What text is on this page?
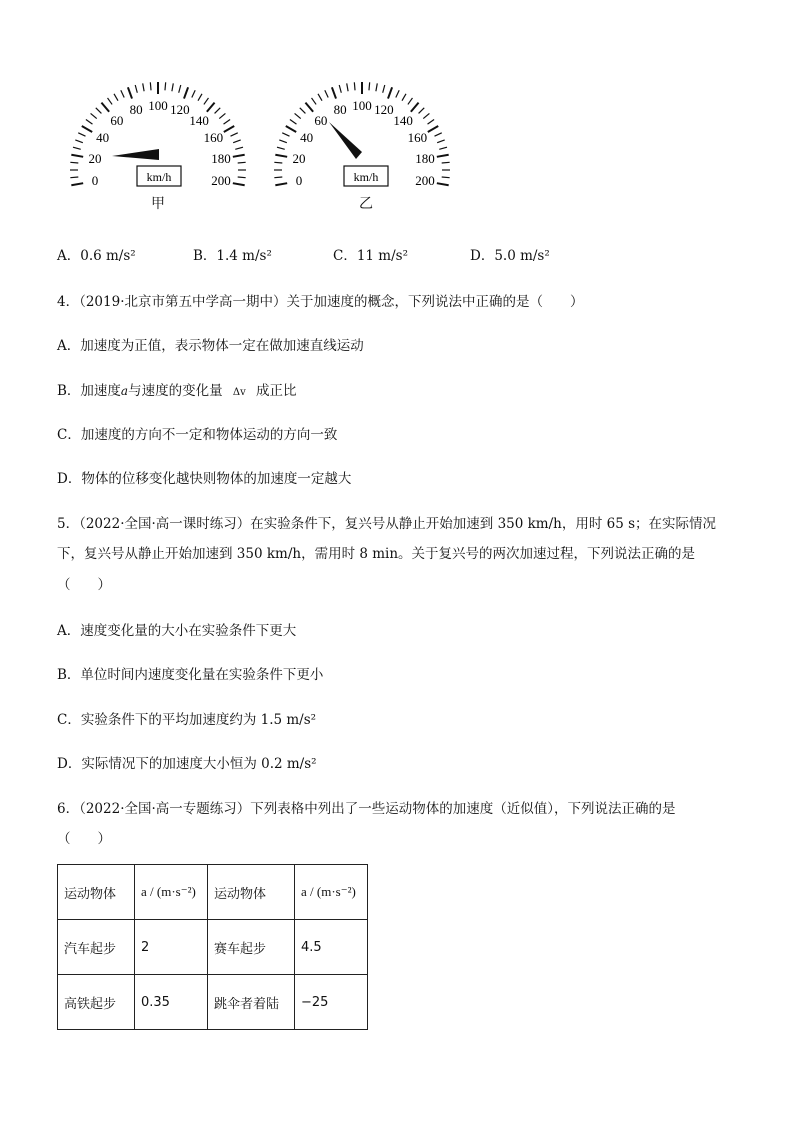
0
20
40
60
80 100 120
140
160
180
200
km/h
甲
0
20
40
60
80 100 120
140
160
180
200
km/h
乙
A．0.6 m/s²	B．1.4 m/s²	C．11 m/s²	D．5.0 m/s²
4．（2019·北京市第五中学高一期中）关于加速度的概念，下列说法中正确的是（　　）
A．加速度为正值，表示物体一定在做加速直线运动
B．加速度a与速度的变化量 Δv 成正比
C．加速度的方向不一定和物体运动的方向一致
D．物体的位移变化越快则物体的加速度一定越大
5．（2022·全国·高一课时练习）在实验条件下，复兴号从静止开始加速到 350 km/h，用时 65 s；在实际情况
下，复兴号从静止开始加速到 350 km/h，需用时 8 min。关于复兴号的两次加速过程，下列说法正确的是
（　　）
A．速度变化量的大小在实验条件下更大
B．单位时间内速度变化量在实验条件下更小
C．实验条件下的平均加速度约为 1.5 m/s²
D．实际情况下的加速度大小恒为 0.2 m/s²
6．（2022·全国·高一专题练习）下列表格中列出了一些运动物体的加速度（近似值），下列说法正确的是
（　　）
运动物体	a / (m·s⁻²)	运动物体	a / (m·s⁻²)
汽车起步	2	赛车起步	4.5
高铁起步	0.35	跳伞者着陆	−25
